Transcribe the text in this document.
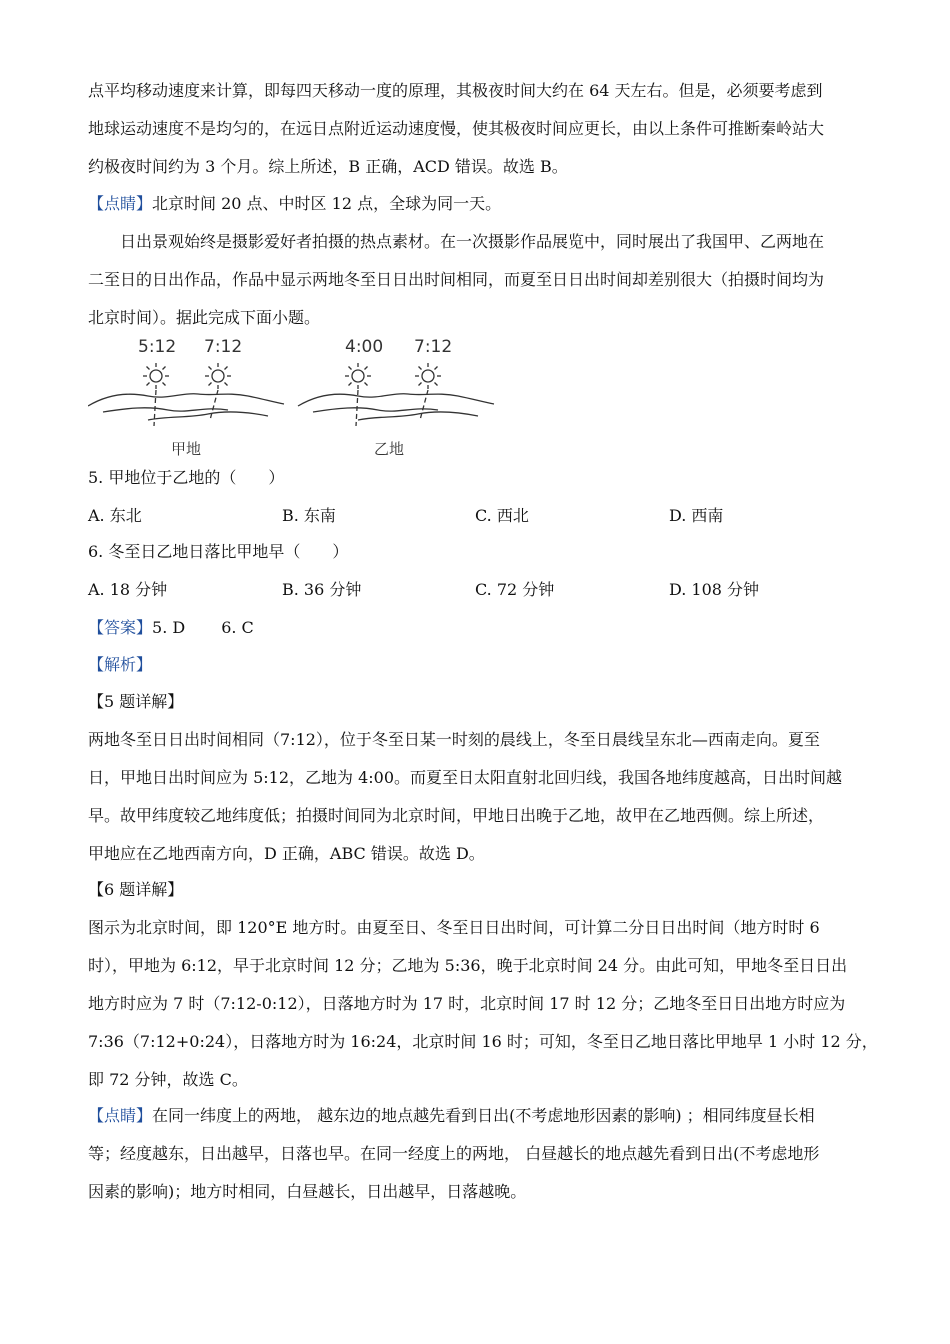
点平均移动速度来计算，即每四天移动一度的原理，其极夜时间大约在 64 天左右。但是，必须要考虑到
地球运动速度不是均匀的，在远日点附近运动速度慢，使其极夜时间应更长，由以上条件可推断秦岭站大
约极夜时间约为 3 个月。综上所述，B 正确，ACD 错误。故选 B。
【点睛】北京时间 20 点、中时区 12 点，全球为同一天。
日出景观始终是摄影爱好者拍摄的热点素材。在一次摄影作品展览中，同时展出了我国甲、乙两地在
二至日的日出作品，作品中显示两地冬至日日出时间相同，而夏至日日出时间却差别很大（拍摄时间均为
北京时间）。据此完成下面小题。
5:12 7:12	4:00 7:12
甲地	乙地
5. 甲地位于乙地的（　　）
A. 东北	B. 东南	C. 西北	D. 西南
6. 冬至日乙地日落比甲地早（　　）
A. 18 分钟	B. 36 分钟	C. 72 分钟	D. 108 分钟
【答案】5. D 6. C
【解析】
【5 题详解】
两地冬至日日出时间相同（7:12），位于冬至日某一时刻的晨线上，冬至日晨线呈东北—西南走向。夏至
日，甲地日出时间应为 5:12，乙地为 4:00。而夏至日太阳直射北回归线，我国各地纬度越高，日出时间越
早。故甲纬度较乙地纬度低；拍摄时间同为北京时间，甲地日出晚于乙地，故甲在乙地西侧。综上所述，
甲地应在乙地西南方向，D 正确，ABC 错误。故选 D。
【6 题详解】
图示为北京时间，即 120°E 地方时。由夏至日、冬至日日出时间，可计算二分日日出时间（地方时时 6
时），甲地为 6:12，早于北京时间 12 分；乙地为 5:36，晚于北京时间 24 分。由此可知，甲地冬至日日出
地方时应为 7 时（7:12-0:12），日落地方时为 17 时，北京时间 17 时 12 分；乙地冬至日日出地方时应为
7:36（7:12+0:24），日落地方时为 16:24，北京时间 16 时；可知，冬至日乙地日落比甲地早 1 小时 12 分，
即 72 分钟，故选 C。
【点睛】在同一纬度上的两地， 越东边的地点越先看到日出(不考虑地形因素的影响) ；相同纬度昼长相
等；经度越东，日出越早，日落也早。在同一经度上的两地， 白昼越长的地点越先看到日出(不考虑地形
因素的影响)；地方时相同，白昼越长，日出越早，日落越晚。
